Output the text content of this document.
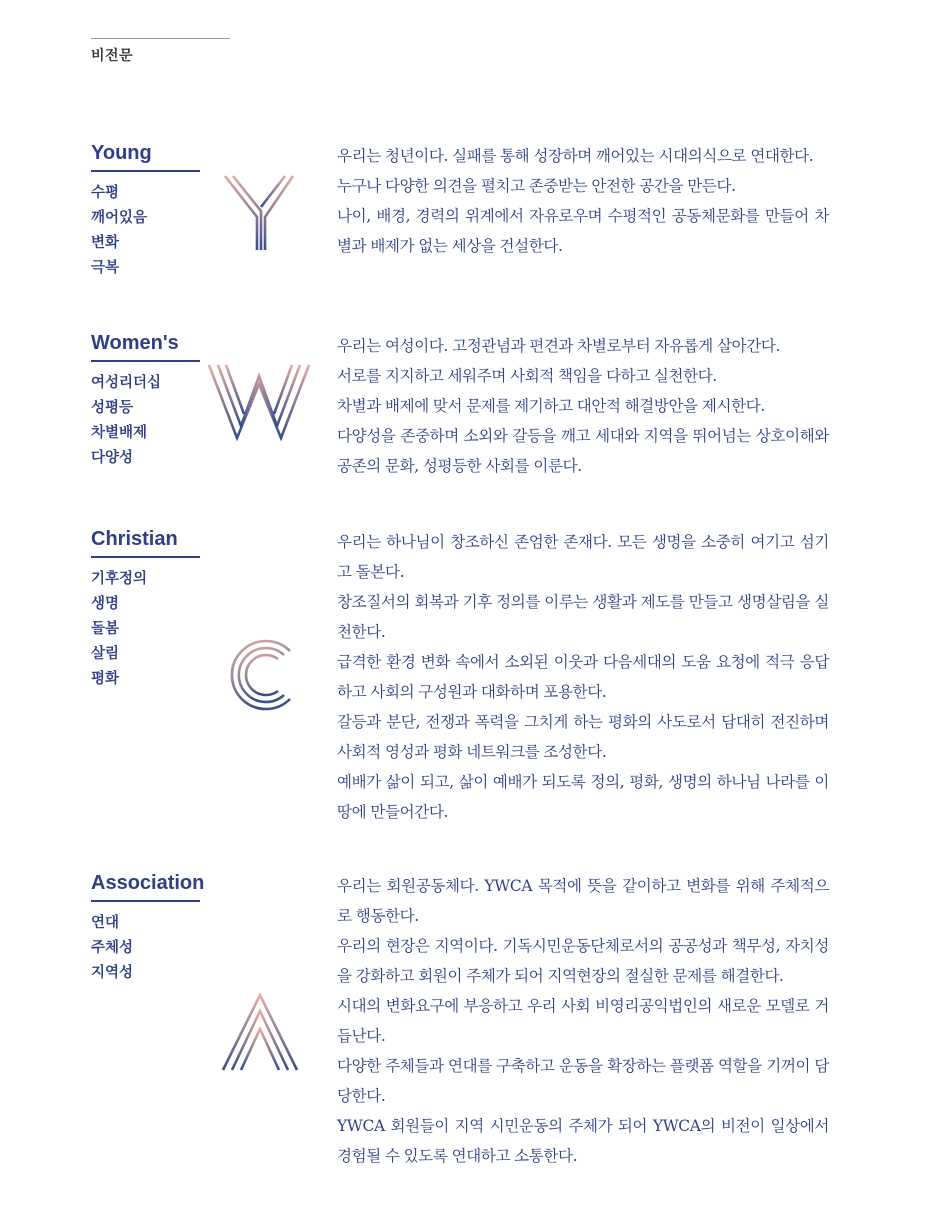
비전문
Young
수평
깨어있음
변화
극복
우리는 청년이다. 실패를 통해 성장하며 깨어있는 시대의식으로 연대한다.
누구나 다양한 의견을 펼치고 존중받는 안전한 공간을 만든다.
나이, 배경, 경력의 위계에서 자유로우며 수평적인 공동체문화를 만들어 차별과 배제가 없는 세상을 건설한다.
Women's
여성리더십
성평등
차별배제
다양성
우리는 여성이다. 고정관념과 편견과 차별로부터 자유롭게 살아간다.
서로를 지지하고 세워주며 사회적 책임을 다하고 실천한다.
차별과 배제에 맞서 문제를 제기하고 대안적 해결방안을 제시한다.
다양성을 존중하며 소외와 갈등을 깨고 세대와 지역을 뛰어넘는 상호이해와 공존의 문화, 성평등한 사회를 이룬다.
Christian
기후정의
생명
돌봄
살림
평화
우리는 하나님이 창조하신 존엄한 존재다. 모든 생명을 소중히 여기고 섬기고 돌본다.
창조질서의 회복과 기후 정의를 이루는 생활과 제도를 만들고 생명살림을 실천한다.
급격한 환경 변화 속에서 소외된 이웃과 다음세대의 도움 요청에 적극 응답하고 사회의 구성원과 대화하며 포용한다.
갈등과 분단, 전쟁과 폭력을 그치게 하는 평화의 사도로서 담대히 전진하며 사회적 영성과 평화 네트워크를 조성한다.
예배가 삶이 되고, 삶이 예배가 되도록 정의, 평화, 생명의 하나님 나라를 이 땅에 만들어간다.
Association
연대
주체성
지역성
우리는 회원공동체다. YWCA 목적에 뜻을 같이하고 변화를 위해 주체적으로 행동한다.
우리의 현장은 지역이다. 기독시민운동단체로서의 공공성과 책무성, 자치성을 강화하고 회원이 주체가 되어 지역현장의 절실한 문제를 해결한다.
시대의 변화요구에 부응하고 우리 사회 비영리공익법인의 새로운 모델로 거듭난다.
다양한 주체들과 연대를 구축하고 운동을 확장하는 플랫폼 역할을 기꺼이 담당한다.
YWCA 회원들이 지역 시민운동의 주체가 되어 YWCA의 비전이 일상에서 경험될 수 있도록 연대하고 소통한다.
